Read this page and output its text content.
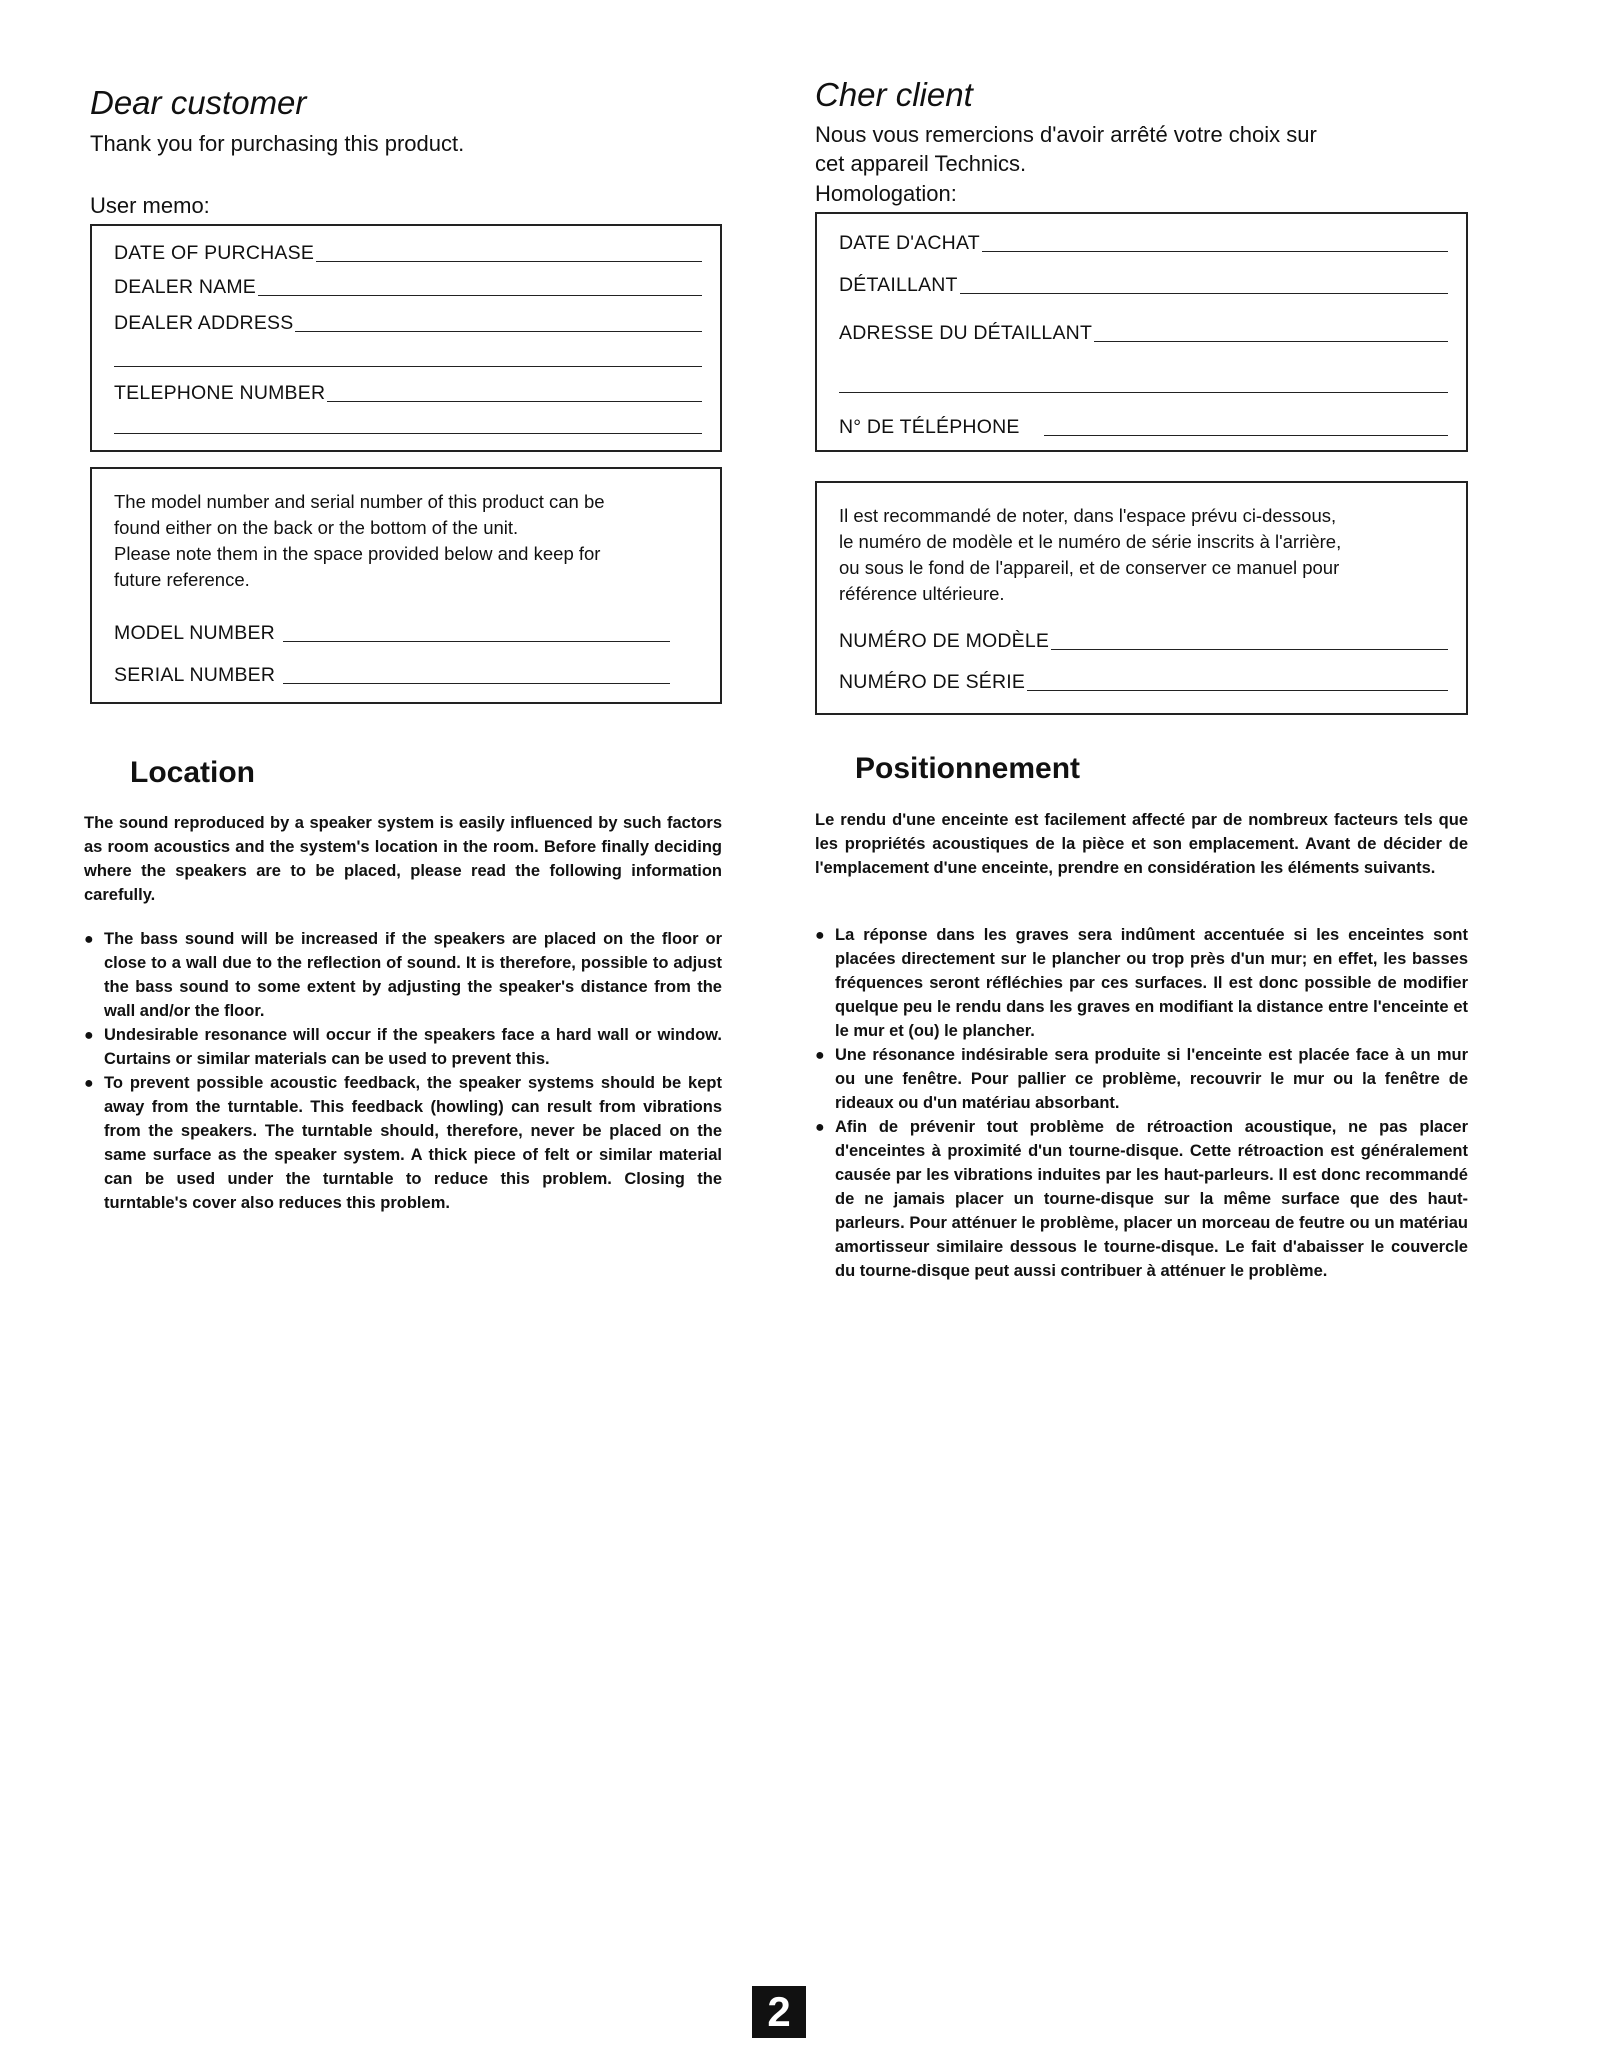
Dear customer

Thank you for purchasing this product.

User memo:

DATE OF PURCHASE
DEALER NAME
DEALER ADDRESS
TELEPHONE NUMBER
The model number and serial number of this product can be
found either on the back or the bottom of the unit.
Please note them in the space provided below and keep for
future reference.
MODEL NUMBER
SERIAL NUMBER
Location

The sound reproduced by a speaker system is easily influenced by such factors as room acoustics and the system's location in the room. Before finally deciding where the speakers are to be placed, please read the following information carefully.

● The bass sound will be increased if the speakers are placed on the floor or close to a wall due to the reflection of sound. It is therefore, possible to adjust the bass sound to some extent by adjusting the speaker's distance from the wall and/or the floor.
● Undesirable resonance will occur if the speakers face a hard wall or window. Curtains or similar materials can be used to prevent this.
● To prevent possible acoustic feedback, the speaker systems should be kept away from the turntable. This feedback (howling) can result from vibrations from the speakers. The turntable should, therefore, never be placed on the same surface as the speaker system. A thick piece of felt or similar material can be used under the turntable to reduce this problem. Closing the turntable's cover also reduces this problem.
Cher client
Nous vous remercions d'avoir arrêté votre choix sur
cet appareil Technics.

Homologation:

DATE D'ACHAT
DÉTAILLANT
ADRESSE DU DÉTAILLANT
N° DE TÉLÉPHONE
Il est recommandé de noter, dans l'espace prévu ci-dessous,
le numéro de modèle et le numéro de série inscrits à l'arrière,
ou sous le fond de l'appareil, et de conserver ce manuel pour
référence ultérieure.
NUMÉRO DE MODÈLE
NUMÉRO DE SÉRIE
Positionnement

Le rendu d'une enceinte est facilement affecté par de nombreux facteurs tels que les propriétés acoustiques de la pièce et son emplacement. Avant de décider de l'emplacement d'une enceinte, prendre en considération les éléments suivants.

● La réponse dans les graves sera indûment accentuée si les enceintes sont placées directement sur le plancher ou trop près d'un mur; en effet, les basses fréquences seront réfléchies par ces surfaces. Il est donc possible de modifier quelque peu le rendu dans les graves en modifiant la distance entre l'enceinte et le mur et (ou) le plancher.
● Une résonance indésirable sera produite si l'enceinte est placée face à un mur ou une fenêtre. Pour pallier ce problème, recouvrir le mur ou la fenêtre de rideaux ou d'un matériau absorbant.
● Afin de prévenir tout problème de rétroaction acoustique, ne pas placer d'enceintes à proximité d'un tourne-disque. Cette rétroaction est généralement causée par les vibrations induites par les haut-parleurs. Il est donc recommandé de ne jamais placer un tourne-disque sur la même surface que des haut-parleurs. Pour atténuer le problème, placer un morceau de feutre ou un matériau amortisseur similaire dessous le tourne-disque. Le fait d'abaisser le couvercle du tourne-disque peut aussi contribuer à atténuer le problème.
2
